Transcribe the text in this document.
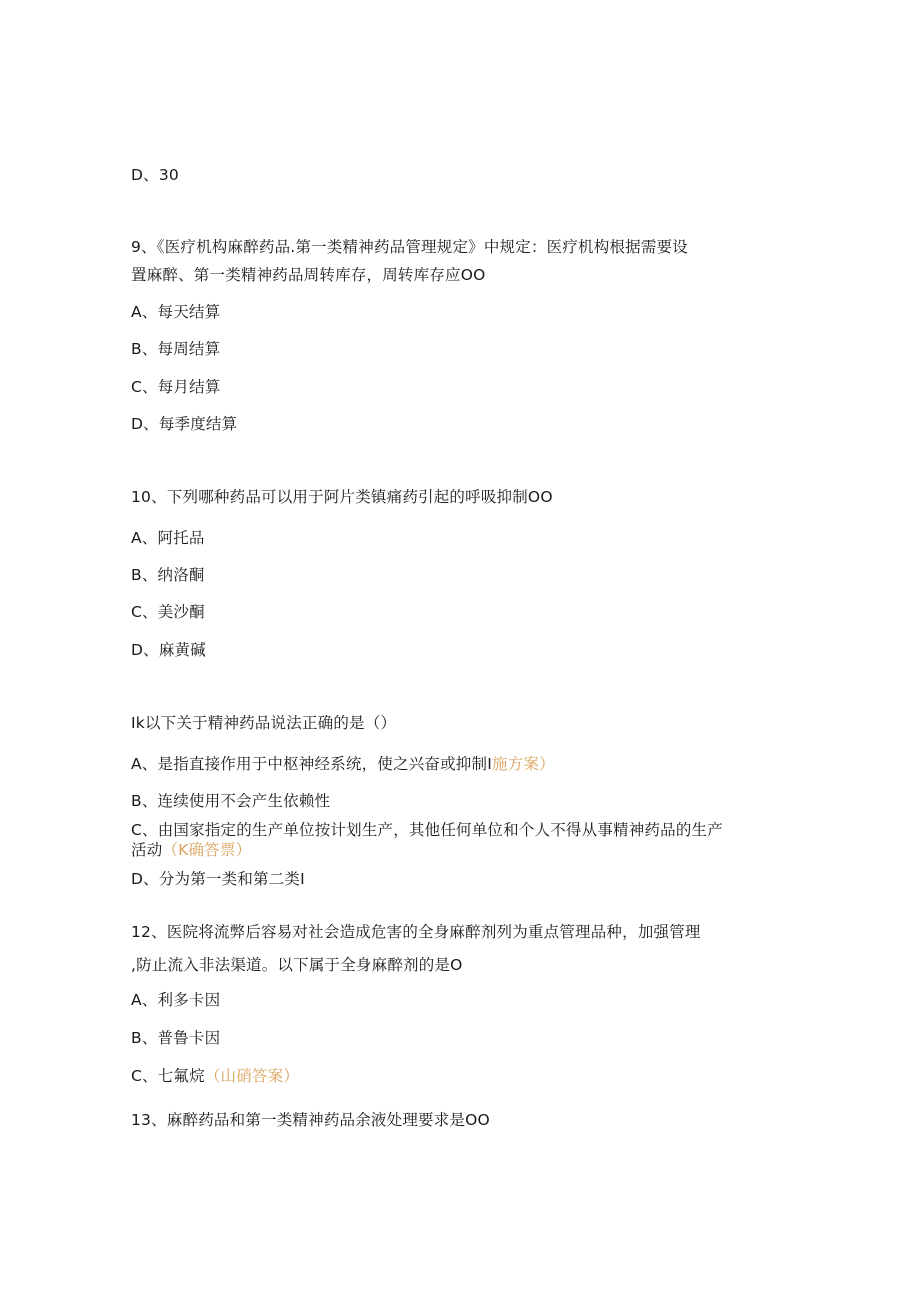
D、30
9、《医疗机构麻醉药品.第一类精神药品管理规定》中规定：医疗机构根据需要设
置麻醉、第一类精神药品周转库存，周转库存应OO
A、每天结算
B、每周结算
C、每月结算
D、每季度结算
10、下列哪种药品可以用于阿片类镇痛药引起的呼吸抑制OO
A、阿托品
B、纳洛酮
C、美沙酮
D、麻黄碱
Ik以下关于精神药品说法正确的是（）
A、是指直接作用于中枢神经系统，使之兴奋或抑制I施方案）
B、连续使用不会产生依赖性
C、由国家指定的生产单位按计划生产，其他任何单位和个人不得从事精神药品的生产
活动（K确答票）
D、分为第一类和第二类I
12、医院将流弊后容易对社会造成危害的全身麻醉剂列为重点管理品种，加强管理
,防止流入非法渠道。以下属于全身麻醉剂的是O
A、利多卡因
B、普鲁卡因
C、七氟烷（山硝答案）
13、麻醉药品和第一类精神药品余液处理要求是OO
